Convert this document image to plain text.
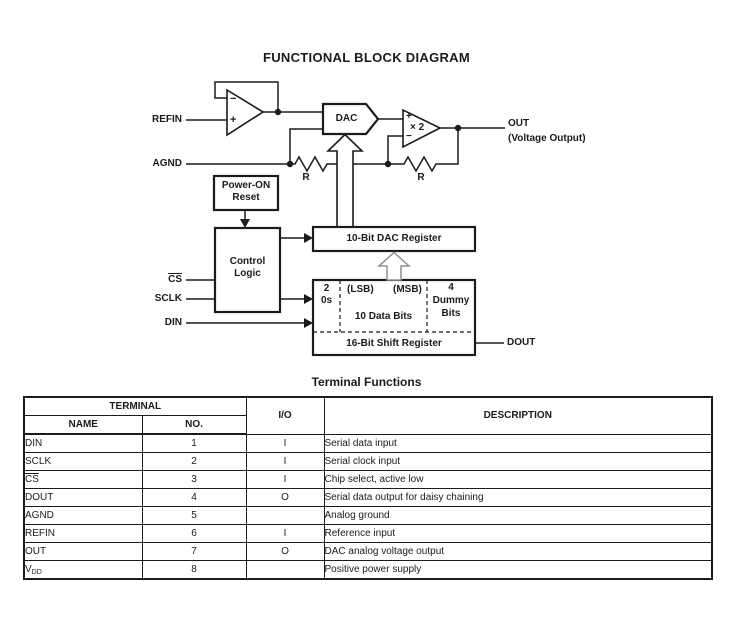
FUNCTIONAL BLOCK DIAGRAM
REFIN
AGND
$\overline{CS}$
SCLK
DIN
OUT
(Voltage Output)
DOUT
R	R
−
+	+
× 2
−
DAC
Power-ON
Reset
Control
Logic
10-Bit DAC Register
2
0s
(LSB) (MSB)
10 Data Bits
4
Dummy
Bits
16-Bit Shift Register
Terminal Functions
TERMINAL		I/O	DESCRIPTION
NAME	NO.		
DIN	1	I	Serial data input
SCLK	2	I	Serial clock input
$\overline{CS}$	3	I	Chip select, active low
DOUT	4	O	Serial data output for daisy chaining
AGND	5		Analog ground
REFIN	6	I	Reference input
OUT	7	O	DAC analog voltage output
$V_{DD}$	8		Positive power supply
